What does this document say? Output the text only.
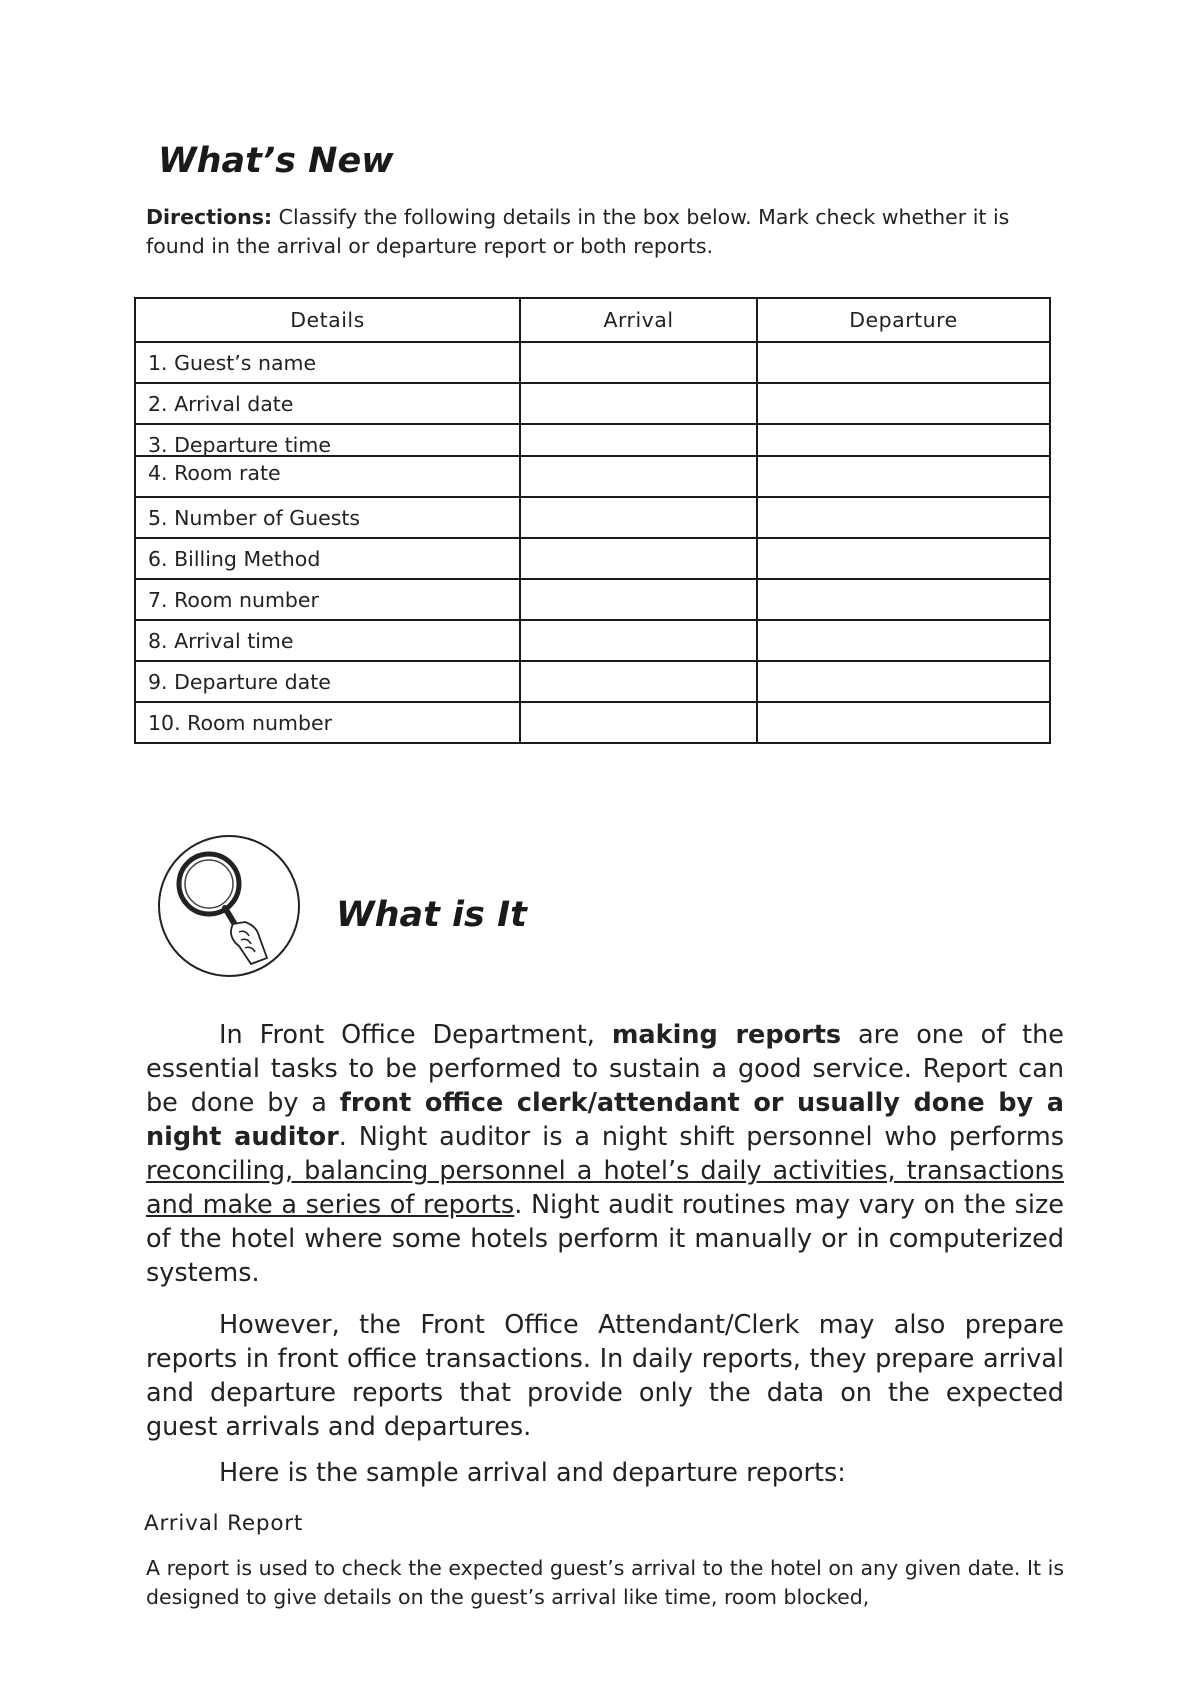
What’s New
Directions: Classify the following details in the box below. Mark check whether it is found in the arrival or departure report or both reports.
Details	Arrival	Departure
1. Guest’s name		
2. Arrival date		
3. Departure time		
4. Room rate		
5. Number of Guests		
6. Billing Method		
7. Room number		
8. Arrival time		
9. Departure date		
10. Room number		
What is It
In Front Office Department, making reports are one of the essential tasks to be performed to sustain a good service. Report can be done by a front office clerk/attendant or usually done by a night auditor. Night auditor is a night shift personnel who performs reconciling, balancing personnel a hotel’s daily activities, transactions and make a series of reports. Night audit routines may vary on the size of the hotel where some hotels perform it manually or in computerized systems.
However, the Front Office Attendant/Clerk may also prepare reports in front office transactions. In daily reports, they prepare arrival and departure reports that provide only the data on the expected guest arrivals and departures.
Here is the sample arrival and departure reports:
Arrival Report
A report is used to check the expected guest’s arrival to the hotel on any given date. It is designed to give details on the guest’s arrival like time, room blocked,
